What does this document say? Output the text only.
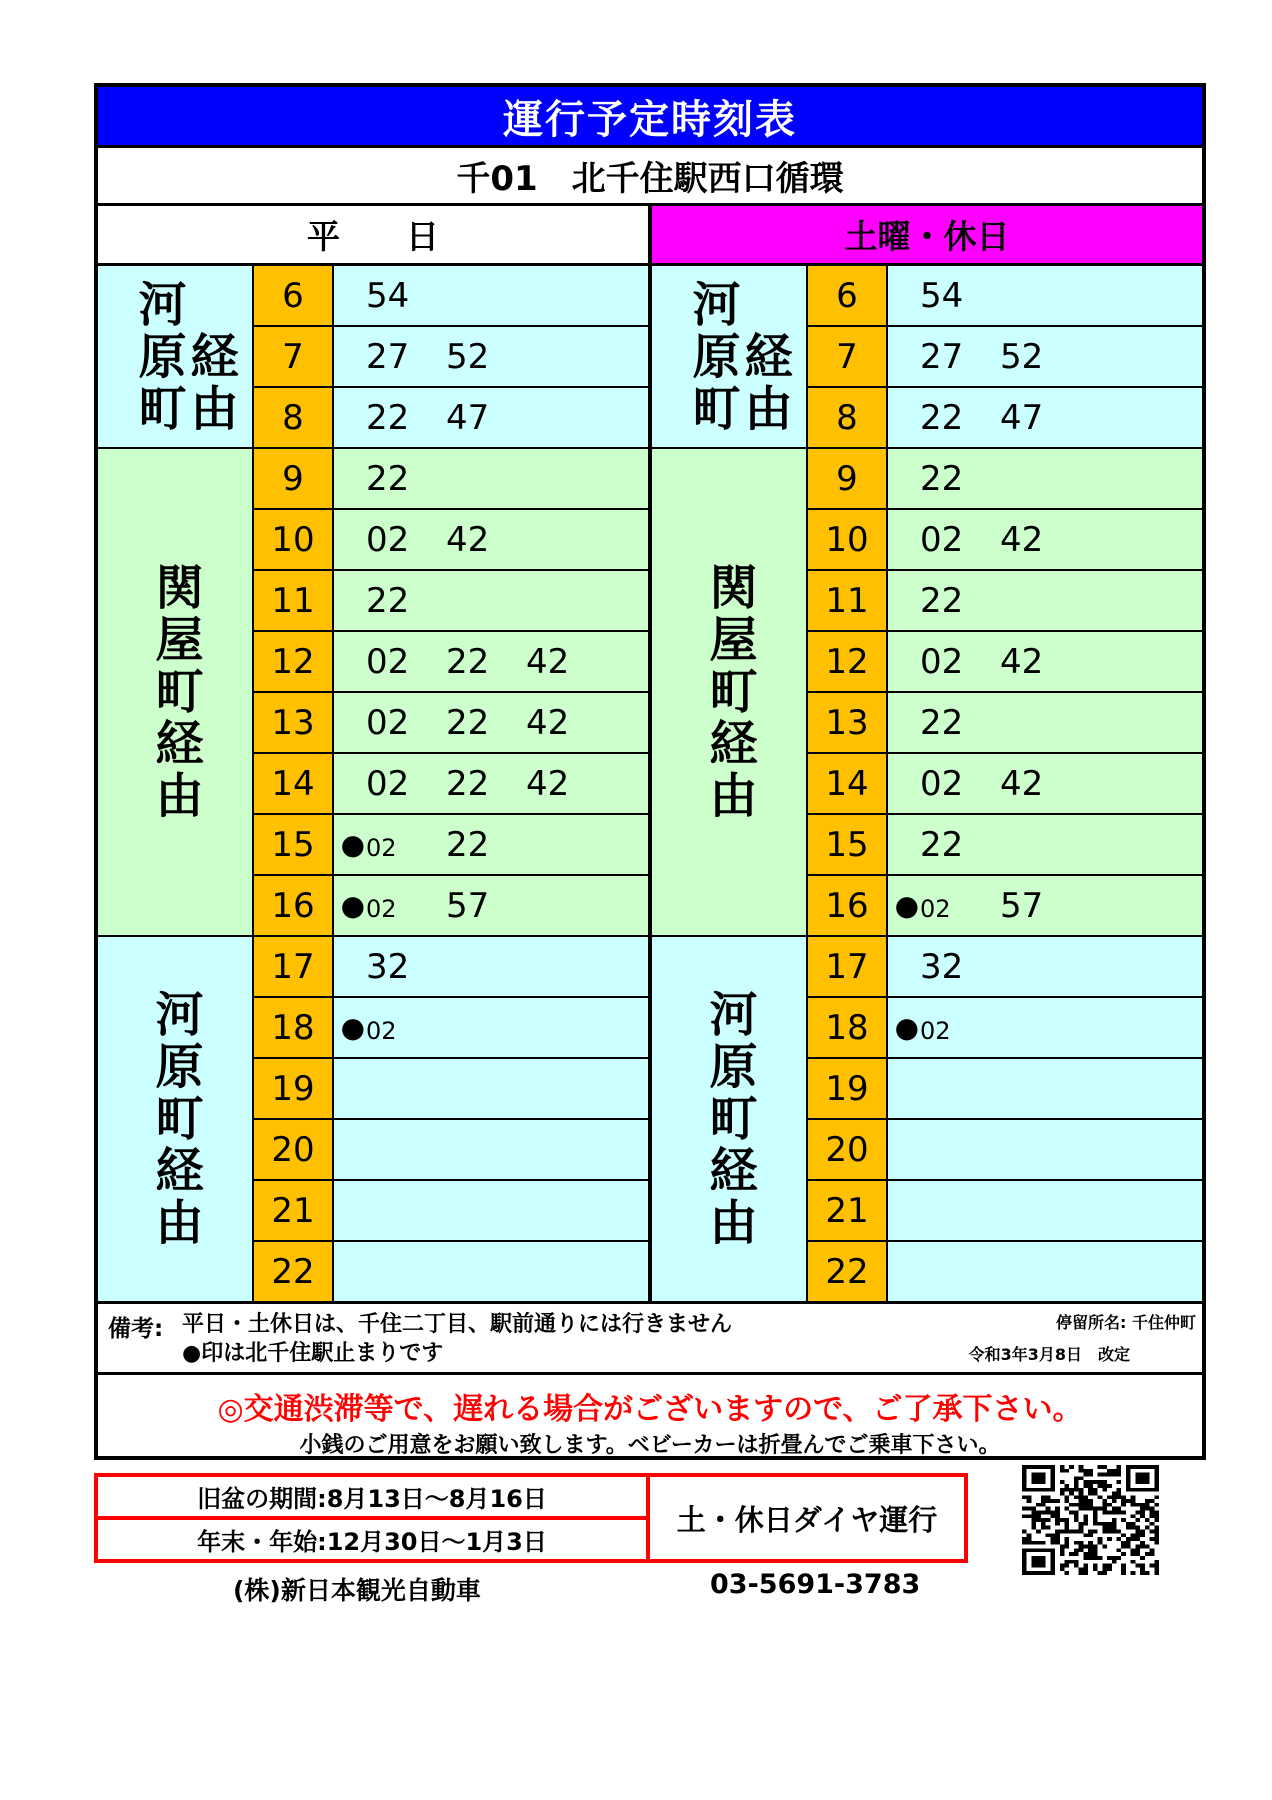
運行予定時刻表
千01　北千住駅西口循環
平　　日	土曜・休日
河原町
経由
6	54
7	27	52
8	22	47
関屋町経由
9	22
10	02	42
11	22
12	02	22	42
13	02	22	42
14	02	22	42
15 ● 02	22
16 ● 02	57
河原町経由
17	32
18 ● 02
19
20
21
22
河原町
経由
6	54
7	27	52
8	22	47
関屋町経由
9	22
10	02	42
11	22
12	02	42
13	22
14	02	42
15	22
16 ● 02	57
河原町経由
17	32
18 ● 02
19
20
21
22
備考: 平日・土休日は、千住二丁目、駅前通りには行きません
●印は北千住駅止まりです
停留所名: 千住仲町
令和3年3月8日　改定
◎交通渋滞等で、遅れる場合がございますので、ご了承下さい。
小銭のご用意をお願い致します。ベビーカーは折畳んでご乗車下さい。
旧盆の期間:8月13日～8月16日
年末・年始:12月30日～1月3日
土・休日ダイヤ運行
(株)新日本観光自動車	03-5691-3783
